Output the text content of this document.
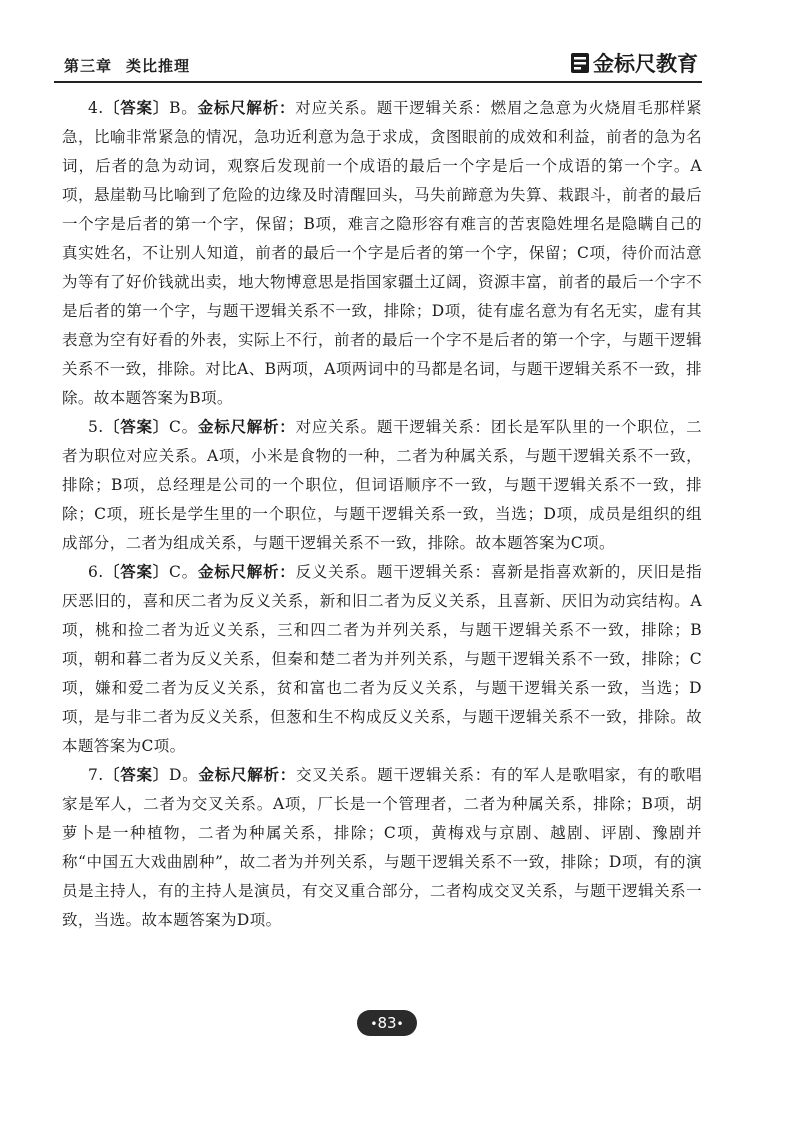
第三章 类比推理	金标尺教育

4.〔答案〕B。金标尺解析：对应关系。题干逻辑关系：燃眉之急意为火烧眉毛那样紧急，比喻非常紧急的情况，急功近利意为急于求成，贪图眼前的成效和利益，前者的急为名词，后者的急为动词，观察后发现前一个成语的最后一个字是后一个成语的第一个字。A项，悬崖勒马比喻到了危险的边缘及时清醒回头，马失前蹄意为失算、栽跟斗，前者的最后一个字是后者的第一个字，保留；B项，难言之隐形容有难言的苦衷隐姓埋名是隐瞒自己的真实姓名，不让别人知道，前者的最后一个字是后者的第一个字，保留；C项，待价而沽意为等有了好价钱就出卖，地大物博意思是指国家疆土辽阔，资源丰富，前者的最后一个字不是后者的第一个字，与题干逻辑关系不一致，排除；D项，徒有虚名意为有名无实，虚有其表意为空有好看的外表，实际上不行，前者的最后一个字不是后者的第一个字，与题干逻辑关系不一致，排除。对比A、B两项，A项两词中的马都是名词，与题干逻辑关系不一致，排除。故本题答案为B项。

5.〔答案〕C。金标尺解析：对应关系。题干逻辑关系：团长是军队里的一个职位，二者为职位对应关系。A项，小米是食物的一种，二者为种属关系，与题干逻辑关系不一致，排除；B项，总经理是公司的一个职位，但词语顺序不一致，与题干逻辑关系不一致，排除；C项，班长是学生里的一个职位，与题干逻辑关系一致，当选；D项，成员是组织的组成部分，二者为组成关系，与题干逻辑关系不一致，排除。故本题答案为C项。

6.〔答案〕C。金标尺解析：反义关系。题干逻辑关系：喜新是指喜欢新的，厌旧是指厌恶旧的，喜和厌二者为反义关系，新和旧二者为反义关系，且喜新、厌旧为动宾结构。A项，桃和捡二者为近义关系，三和四二者为并列关系，与题干逻辑关系不一致，排除；B项，朝和暮二者为反义关系，但秦和楚二者为并列关系，与题干逻辑关系不一致，排除；C项，嫌和爱二者为反义关系，贫和富也二者为反义关系，与题干逻辑关系一致，当选；D项，是与非二者为反义关系，但葱和生不构成反义关系，与题干逻辑关系不一致，排除。故本题答案为C项。

7.〔答案〕D。金标尺解析：交叉关系。题干逻辑关系：有的军人是歌唱家，有的歌唱家是军人，二者为交叉关系。A项，厂长是一个管理者，二者为种属关系，排除；B项，胡萝卜是一种植物，二者为种属关系，排除；C项，黄梅戏与京剧、越剧、评剧、豫剧并称“中国五大戏曲剧种”，故二者为并列关系，与题干逻辑关系不一致，排除；D项，有的演员是主持人，有的主持人是演员，有交叉重合部分，二者构成交叉关系，与题干逻辑关系一致，当选。故本题答案为D项。

•83•
